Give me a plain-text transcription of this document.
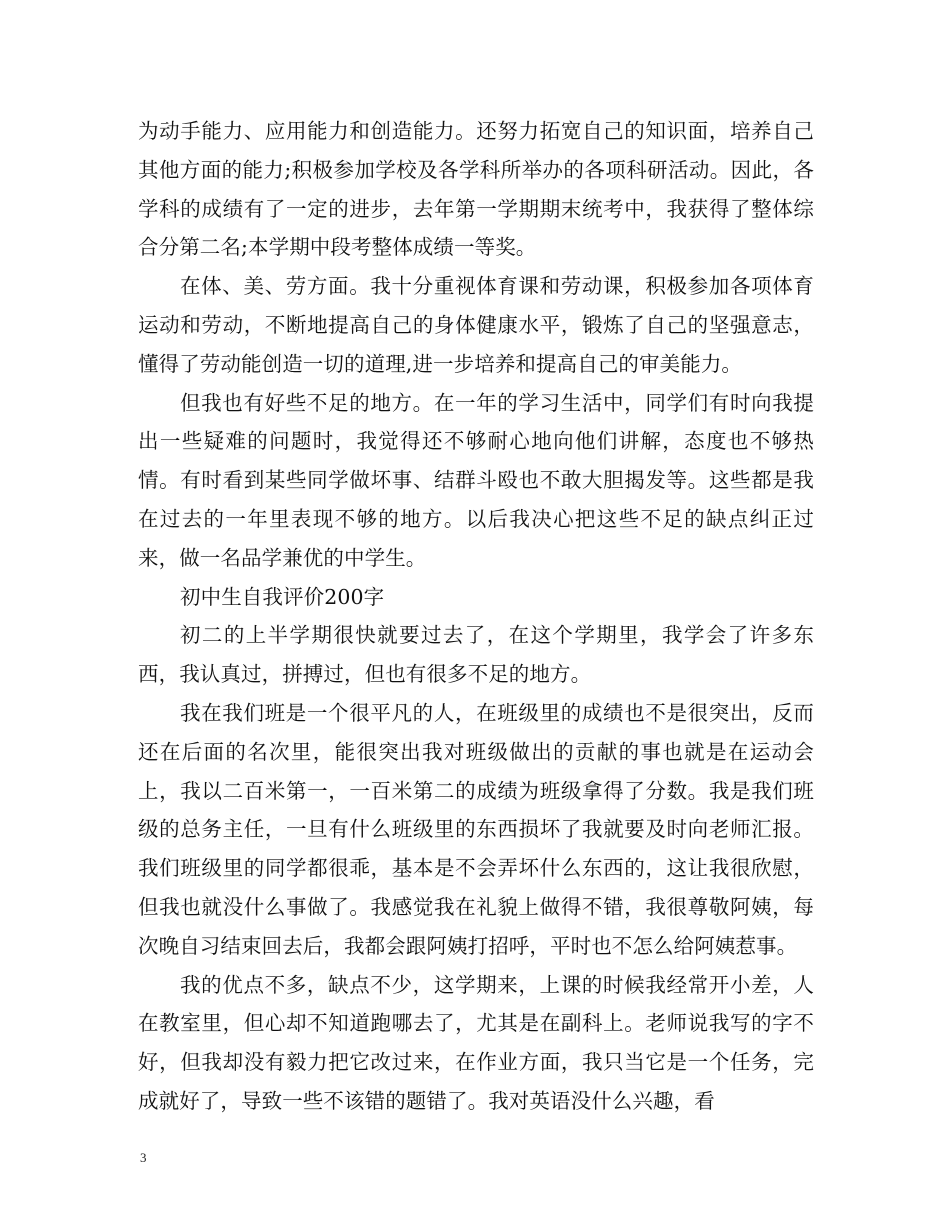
为动手能力、应用能力和创造能力。还努力拓宽自己的知识面，培养自己其他方面的能力;积极参加学校及各学科所举办的各项科研活动。因此，各学科的成绩有了一定的进步，去年第一学期期末统考中，我获得了整体综合分第二名;本学期中段考整体成绩一等奖。

在体、美、劳方面。我十分重视体育课和劳动课，积极参加各项体育运动和劳动，不断地提高自己的身体健康水平，锻炼了自己的坚强意志，懂得了劳动能创造一切的道理,进一步培养和提高自己的审美能力。

但我也有好些不足的地方。在一年的学习生活中，同学们有时向我提出一些疑难的问题时，我觉得还不够耐心地向他们讲解，态度也不够热情。有时看到某些同学做坏事、结群斗殴也不敢大胆揭发等。这些都是我在过去的一年里表现不够的地方。以后我决心把这些不足的缺点纠正过来，做一名品学兼优的中学生。

初中生自我评价200字

初二的上半学期很快就要过去了，在这个学期里，我学会了许多东西，我认真过，拼搏过，但也有很多不足的地方。

我在我们班是一个很平凡的人，在班级里的成绩也不是很突出，反而还在后面的名次里，能很突出我对班级做出的贡献的事也就是在运动会上，我以二百米第一，一百米第二的成绩为班级拿得了分数。我是我们班级的总务主任，一旦有什么班级里的东西损坏了我就要及时向老师汇报。我们班级里的同学都很乖，基本是不会弄坏什么东西的，这让我很欣慰，但我也就没什么事做了。我感觉我在礼貌上做得不错，我很尊敬阿姨，每次晚自习结束回去后，我都会跟阿姨打招呼，平时也不怎么给阿姨惹事。

我的优点不多，缺点不少，这学期来，上课的时候我经常开小差，人在教室里，但心却不知道跑哪去了，尤其是在副科上。老师说我写的字不好，但我却没有毅力把它改过来，在作业方面，我只当它是一个任务，完成就好了，导致一些不该错的题错了。我对英语没什么兴趣，看

3
